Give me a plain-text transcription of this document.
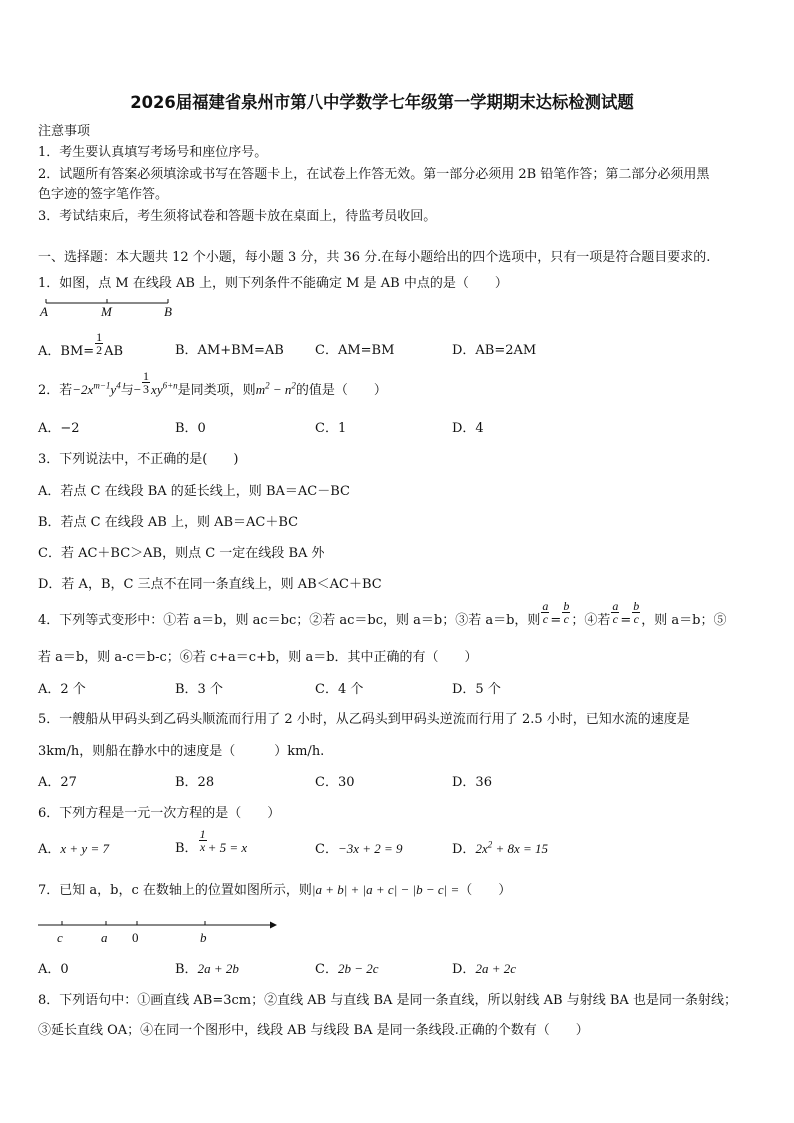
2026届福建省泉州市第八中学数学七年级第一学期期末达标检测试题
注意事项
1．考生要认真填写考场号和座位序号。
2．试题所有答案必须填涂或书写在答题卡上，在试卷上作答无效。第一部分必须用 2B 铅笔作答；第二部分必须用黑
色字迹的签字笔作答。
3．考试结束后，考生须将试卷和答题卡放在桌面上，待监考员收回。
一、选择题：本大题共 12 个小题，每小题 3 分，共 36 分.在每小题给出的四个选项中，只有一项是符合题目要求的.
1．如图，点 M 在线段 AB 上，则下列条件不能确定 M 是 AB 中点的是（　　）
A	M	B
A．$BM= \frac{1}{2}$ AB	B．AM+BM=AB C．AM=BM	D．AB=2AM
2．若$-2x^{m-1}y^4$与− $\frac{1}{3} xy^{6+n}$是同类项，则$m^2 - n^2$的值是（　　）
A．−2	B．0	C．1	D．4
3．下列说法中，不正确的是(　　)
A．若点 C 在线段 BA 的延长线上，则 BA＝AC－BC
B．若点 C 在线段 AB 上，则 AB＝AC＋BC
C．若 AC＋BC＞AB，则点 C 一定在线段 BA 外
D．若 A，B，C 三点不在同一条直线上，则 AB＜AC＋BC
4．下列等式变形中：①若 a＝b，则 ac＝bc；②若 ac＝bc，则 a＝b；③若 a＝b，则 $\frac{a}{c} = \frac{b}{c}$ ；④若 $\frac{a}{c} = \frac{b}{c}$ ，则 a＝b；⑤
若 a＝b，则 a-c＝b-c；⑥若 c+a＝c+b，则 a＝b．其中正确的有（　　）
A．2 个	B．3 个	C．4 个	D．5 个
5．一艘船从甲码头到乙码头顺流而行用了 2 小时，从乙码头到甲码头逆流而行用了 2.5 小时，已知水流的速度是
3km/h，则船在静水中的速度是（　　　）km/h.
A．27	B．28	C．30	D．36
6．下列方程是一元一次方程的是（　　）
A．x + y = 7	B． $\frac{1}{x} + 5 = x$	C．−3x + 2 = 9	D．$2x^2 + 8x = 15$
7．已知 a，b，c 在数轴上的位置如图所示，则|a + b| + |a + c| − |b − c| =（　　）
c	a 0	b
A．0	B．2a + 2b	C．2b − 2c	D．2a + 2c
8．下列语句中：①画直线 AB=3cm；②直线 AB 与直线 BA 是同一条直线，所以射线 AB 与射线 BA 也是同一条射线；
③延长直线 OA；④在同一个图形中，线段 AB 与线段 BA 是同一条线段.正确的个数有（　　）
